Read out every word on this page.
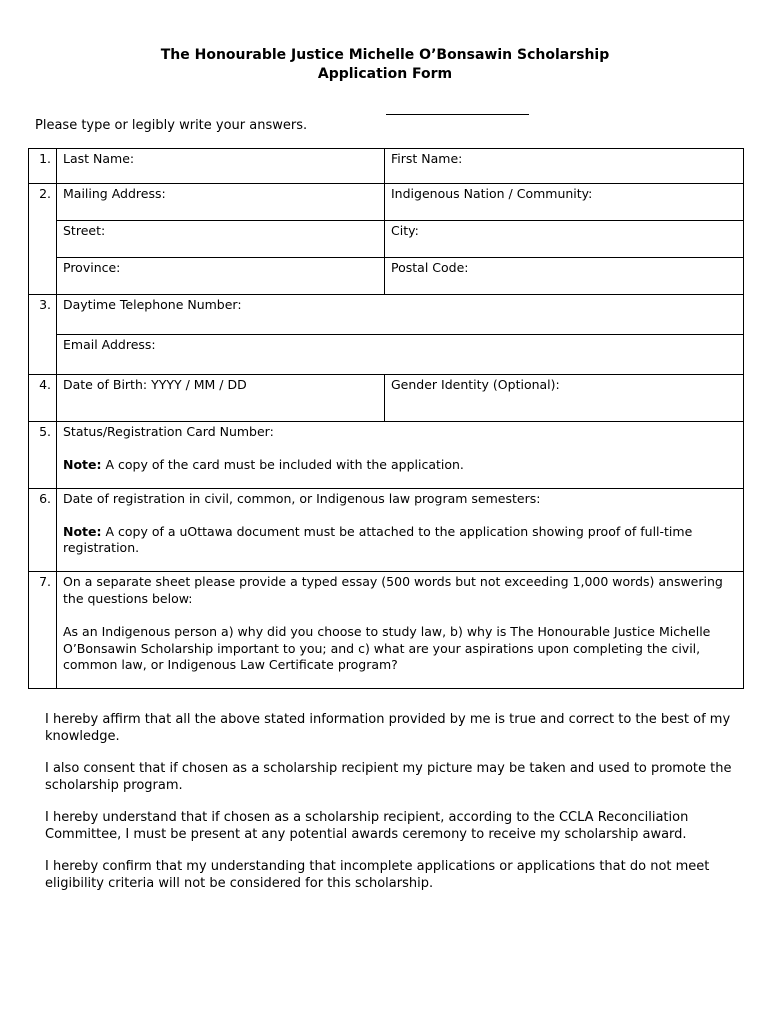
The Honourable Justice Michelle O’Bonsawin Scholarship
Application Form
Please type or legibly write your answers.
1.	Last Name:	First Name:
2.	Mailing Address:	Indigenous Nation / Community:
	Street:	City:
	Province:	Postal Code:
3.	Daytime Telephone Number:	
	Email Address:	
4.	Date of Birth: YYYY / MM / DD	Gender Identity (Optional):
5.	Status/Registration Card Number:
Note: A copy of the card must be included with the application.	

6.	Date of registration in civil, common, or Indigenous law program semesters:
Note: A copy of a uOttawa document must be attached to the application showing proof of full-time registration.	

7.	On a separate sheet please provide a typed essay (500 words but not exceeding 1,000 words) answering the questions below:
As an Indigenous person a) why did you choose to study law, b) why is The Honourable Justice Michelle O’Bonsawin Scholarship important to you; and c) what are your aspirations upon completing the civil, common law, or Indigenous Law Certificate program?	

I hereby affirm that all the above stated information provided by me is true and correct to the best of my knowledge.

I also consent that if chosen as a scholarship recipient my picture may be taken and used to promote the scholarship program.

I hereby understand that if chosen as a scholarship recipient, according to the CCLA Reconciliation Committee, I must be present at any potential awards ceremony to receive my scholarship award.

I hereby confirm that my understanding that incomplete applications or applications that do not meet eligibility criteria will not be considered for this scholarship.
